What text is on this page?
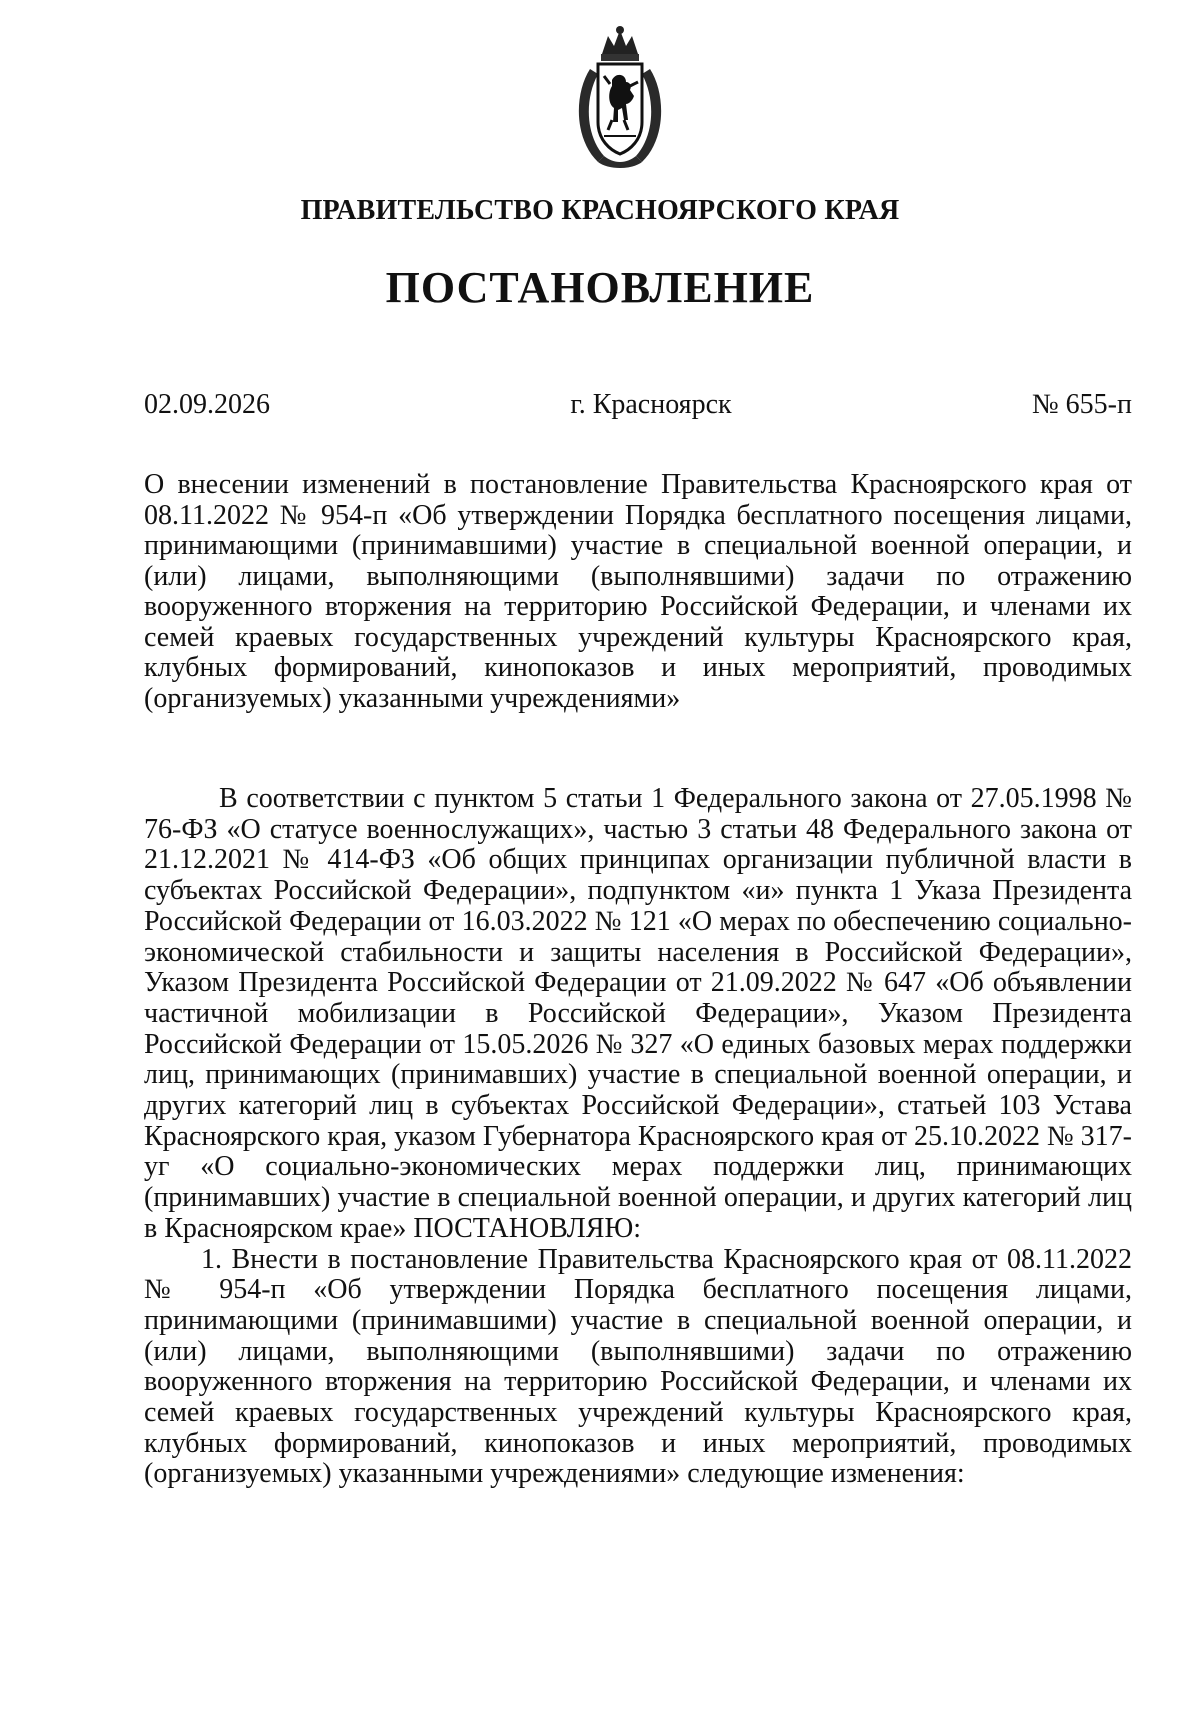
ПРАВИТЕЛЬСТВО КРАСНОЯРСКОГО КРАЯ
ПОСТАНОВЛЕНИЕ
02.09.2026	г. Красноярск	№ 655-п
О внесении изменений в постановление Правительства Красноярского края от 08.11.2022 № 954-п «Об утверждении Порядка бесплатного посещения лицами, принимающими (принимавшими) участие в специальной военной операции, и (или) лицами, выполняющими (выполнявшими) задачи по отражению вооруженного вторжения на территорию Российской Федерации, и членами их семей краевых государственных учреждений культуры Красноярского края, клубных формирований, кинопоказов и иных мероприятий, проводимых (организуемых) указанными учреждениями»

В соответствии с пунктом 5 статьи 1 Федерального закона от 27.05.1998 № 76-ФЗ «О статусе военнослужащих», частью 3 статьи 48 Федерального закона от 21.12.2021 № 414-ФЗ «Об общих принципах организации публичной власти в субъектах Российской Федерации», подпунктом «и» пункта 1 Указа Президента Российской Федерации от 16.03.2022 № 121 «О мерах по обеспечению социально-экономической стабильности и защиты населения в Российской Федерации», Указом Президента Российской Федерации от 21.09.2022 № 647 «Об объявлении частичной мобилизации в Российской Федерации», Указом Президента Российской Федерации от 15.05.2026 № 327 «О единых базовых мерах поддержки лиц, принимающих (принимавших) участие в специальной военной операции, и других категорий лиц в субъектах Российской Федерации», статьей 103 Устава Красноярского края, указом Губернатора Красноярского края от 25.10.2022 № 317-уг «О социально-экономических мерах поддержки лиц, принимающих (принимавших) участие в специальной военной операции, и других категорий лиц в Красноярском крае» ПОСТАНОВЛЯЮ:

1. Внести в постановление Правительства Красноярского края от 08.11.2022 № 954-п «Об утверждении Порядка бесплатного посещения лицами, принимающими (принимавшими) участие в специальной военной операции, и (или) лицами, выполняющими (выполнявшими) задачи по отражению вооруженного вторжения на территорию Российской Федерации, и членами их семей краевых государственных учреждений культуры Красноярского края, клубных формирований, кинопоказов и иных мероприятий, проводимых (организуемых) указанными учреждениями» следующие изменения:
